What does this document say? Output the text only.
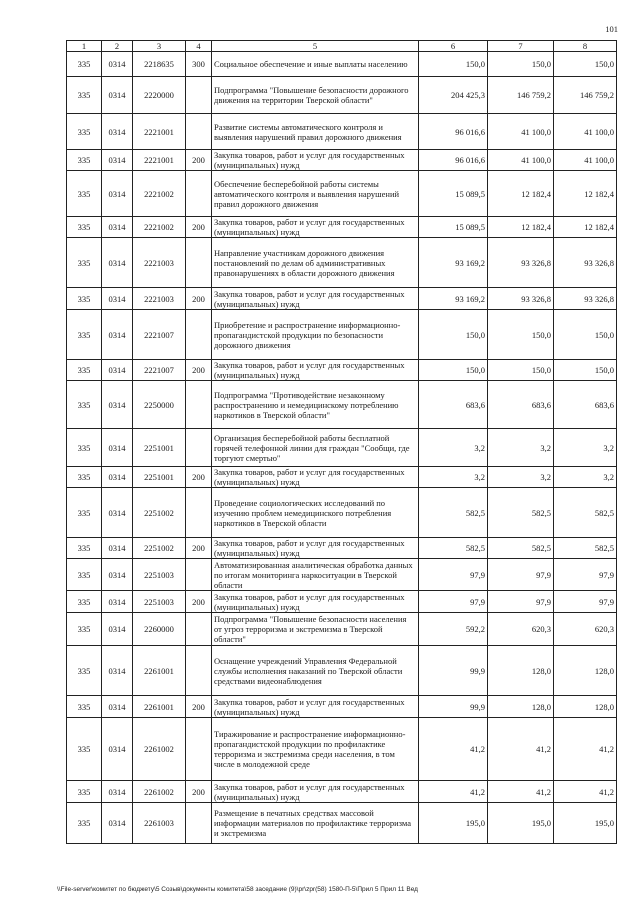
101
1	2	3	4	5	6	7	8
335	0314	2218635	300	Социальное обеспечение и иные выплаты населению	150,0	150,0	150,0
335	0314	2220000		Подпрограмма "Повышение безопасности дорожного движения на территории Тверской области"	204 425,3	146 759,2	146 759,2
335	0314	2221001		Развитие системы автоматического контроля и выявления нарушений правил дорожного движения	96 016,6	41 100,0	41 100,0
335	0314	2221001	200	Закупка товаров, работ и услуг для государственных (муниципальных) нужд	96 016,6	41 100,0	41 100,0
335	0314	2221002		Обеспечение бесперебойной работы системы автоматического контроля и выявления нарушений правил дорожного движения	15 089,5	12 182,4	12 182,4
335	0314	2221002	200	Закупка товаров, работ и услуг для государственных (муниципальных) нужд	15 089,5	12 182,4	12 182,4
335	0314	2221003		Направление участникам дорожного движения постановлений по делам об административных правонарушениях в области дорожного движения	93 169,2	93 326,8	93 326,8
335	0314	2221003	200	Закупка товаров, работ и услуг для государственных (муниципальных) нужд	93 169,2	93 326,8	93 326,8
335	0314	2221007		Приобретение и распространение информационно-пропагандистской продукции по безопасности дорожного движения	150,0	150,0	150,0
335	0314	2221007	200	Закупка товаров, работ и услуг для государственных (муниципальных) нужд	150,0	150,0	150,0
335	0314	2250000		Подпрограмма "Противодействие незаконному распространению и немедицинскому потреблению наркотиков в Тверской области"	683,6	683,6	683,6
335	0314	2251001		Организация бесперебойной работы бесплатной горячей телефонной линии для граждан "Сообщи, где торгуют смертью"	3,2	3,2	3,2
335	0314	2251001	200	Закупка товаров, работ и услуг для государственных (муниципальных) нужд	3,2	3,2	3,2
335	0314	2251002		Проведение социологических исследований по изучению проблем немедицинского потребления наркотиков в Тверской области	582,5	582,5	582,5
335	0314	2251002	200	Закупка товаров, работ и услуг для государственных (муниципальных) нужд	582,5	582,5	582,5
335	0314	2251003		Автоматизированная аналитическая обработка данных по итогам мониторинга наркоситуации в Тверской области	97,9	97,9	97,9
335	0314	2251003	200	Закупка товаров, работ и услуг для государственных (муниципальных) нужд	97,9	97,9	97,9
335	0314	2260000		Подпрограмма "Повышение безопасности населения от угроз терроризма и экстремизма в Тверской области"	592,2	620,3	620,3
335	0314	2261001		Оснащение учреждений Управления Федеральной службы исполнения наказаний по Тверской области средствами видеонаблюдения	99,9	128,0	128,0
335	0314	2261001	200	Закупка товаров, работ и услуг для государственных (муниципальных) нужд	99,9	128,0	128,0
335	0314	2261002		Тиражирование и распространение информационно-пропагандистской продукции по профилактике терроризма и экстремизма среди населения, в том числе в молодежной среде	41,2	41,2	41,2
335	0314	2261002	200	Закупка товаров, работ и услуг для государственных (муниципальных) нужд	41,2	41,2	41,2
335	0314	2261003		Размещение в печатных средствах массовой информации материалов по профилактике терроризма и экстремизма	195,0	195,0	195,0
\\File-server\комитет по бюджету\5 Созыв\документы комитета\58 заседание (9)\pr\zpr(58) 1580-П-5\Прил 5 Прил 11 Вед
